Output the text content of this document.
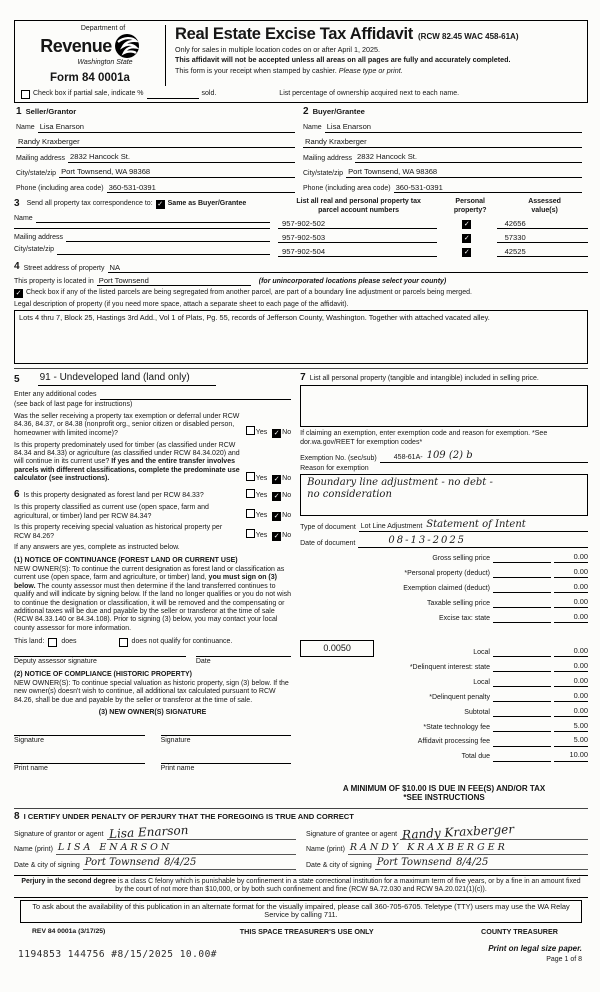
Department of
Revenue
Washington State
Form 84 0001a
Real Estate Excise Tax Affidavit (RCW 82.45 WAC 458-61A)
Only for sales in multiple location codes on or after April 1, 2025.
This affidavit will not be accepted unless all areas on all pages are fully and accurately completed.
This form is your receipt when stamped by cashier. Please type or print.
Check box if partial sale, indicate %	sold.	List percentage of ownership acquired next to each name.
1 Seller/Grantor
Name Lisa Enarson
Randy Kraxberger
Mailing address 2832 Hancock St.
City/state/zip Port Townsend, WA 98368
Phone (including area code) 360-531-0391
2 Buyer/Grantee
Name Lisa Enarson
Randy Kraxberger
Mailing address 2832 Hancock St.
City/state/zip Port Townsend, WA 98368
Phone (including area code) 360-531-0391
3	Send all property tax correspondence to: ✓ Same as Buyer/Grantee
Name
Mailing address
City/state/zip
List all real and personal property tax
parcel account numbers
Personal
property?
Assessed
value(s)
957-902-502 ✓	42656
957-902-503 ✓	57330
957-902-504 ✓	42525
4 Street address of property NA
This property is located in Port Townsend	(for unincorporated locations please select your county)
✓
Check box if any of the listed parcels are being segregated from another parcel, are part of a boundary line adjustment or parcels being merged.
Legal description of property (if you need more space, attach a separate sheet to each page of the affidavit).
Lots 4 thru 7, Block 25, Hastings 3rd Add., Vol 1 of Plats, Pg. 55, records of Jefferson County, Washington. Together with attached vacated alley.
5	91 - Undeveloped land (land only)
Enter any additional codes
(see back of last page for instructions)
Was the seller receiving a property tax exemption or deferral under RCW 84.36, 84.37, or 84.38 (nonprofit org., senior citizen or disabled person, homeowner with limited income)?	Yes ✓ No
Is this property predominately used for timber (as classified under RCW 84.34 and 84.33) or agriculture (as classified under RCW 84.34.020) and will continue in its current use? If yes and the entire transfer involves parcels with different classifications, complete the predominate use calculator (see instructions).	Yes ✓ No
6 Is this property designated as forest land per RCW 84.33?	Yes ✓ No
Is this property classified as current use (open space, farm and agricultural, or timber) land per RCW 84.34?	Yes ✓ No
Is this property receiving special valuation as historical property per RCW 84.26?	Yes ✓ No
If any answers are yes, complete as instructed below.
(1) NOTICE OF CONTINUANCE (FOREST LAND OR CURRENT USE)
NEW OWNER(S): To continue the current designation as forest land or classification as current use (open space, farm and agriculture, or timber) land, you must sign on (3) below. The county assessor must then determine if the land transferred continues to qualify and will indicate by signing below. If the land no longer qualifies or you do not wish to continue the designation or classification, it will be removed and the compensating or additional taxes will be due and payable by the seller or transferor at the time of sale (RCW 84.33.140 or 84.34.108). Prior to signing (3) below, you may contact your local county assessor for more information.
This land: does	does not qualify for continuance.
Deputy assessor signature	Date
(2) NOTICE OF COMPLIANCE (HISTORIC PROPERTY)
NEW OWNER(S): To continue special valuation as historic property, sign (3) below. If the new owner(s) doesn't wish to continue, all additional tax calculated pursuant to RCW 84.26, shall be due and payable by the seller or transferor at the time of sale.
(3) NEW OWNER(S) SIGNATURE
Signature	Signature
Print name	Print name
7 List all personal property (tangible and intangible) included in selling price.
If claiming an exemption, enter exemption code and reason for exemption. *See dor.wa.gov/REET for exemption codes*
Exemption No. (sec/sub)	458-61A- 109 (2) b
Reason for exemption
Boundary line adjustment - no debt -
no consideration
Type of document Lot Line Adjustment Statement of Intent
Date of document	08-13-2025
Gross selling price	0.00
*Personal property (deduct)	0.00
Exemption claimed (deduct)	0.00
Taxable selling price	0.00
Excise tax: state	0.00
0.0050	Local	0.00
*Delinquent interest: state	0.00
Local	0.00
*Delinquent penalty	0.00
Subtotal	0.00
*State technology fee	5.00
Affidavit processing fee	5.00
Total due	10.00
A MINIMUM OF $10.00 IS DUE IN FEE(S) AND/OR TAX
*SEE INSTRUCTIONS
8 I CERTIFY UNDER PENALTY OF PERJURY THAT THE FOREGOING IS TRUE AND CORRECT
Signature of grantor or agent Lisa Enarson
Name (print) LISA ENARSON
Date & city of signing Port Townsend 8/4/25
Signature of grantee or agent Randy Kraxberger
Name (print) RANDY KRAXBERGER
Date & city of signing Port Townsend 8/4/25
Perjury in the second degree is a class C felony which is punishable by confinement in a state correctional institution for a maximum term of five years, or by a fine in an amount fixed by the court of not more than $10,000, or by both such confinement and fine (RCW 9A.72.030 and RCW 9A.20.021(1)(c)).
To ask about the availability of this publication in an alternate format for the visually impaired, please call 360-705-6705. Teletype (TTY) users may use the WA Relay Service by calling 711.
REV 84 0001a (3/17/25)	THIS SPACE TREASURER'S USE ONLY	COUNTY TREASURER
1194853 144756 #8/15/2025 10.00#
Print on legal size paper.
Page 1 of 8
